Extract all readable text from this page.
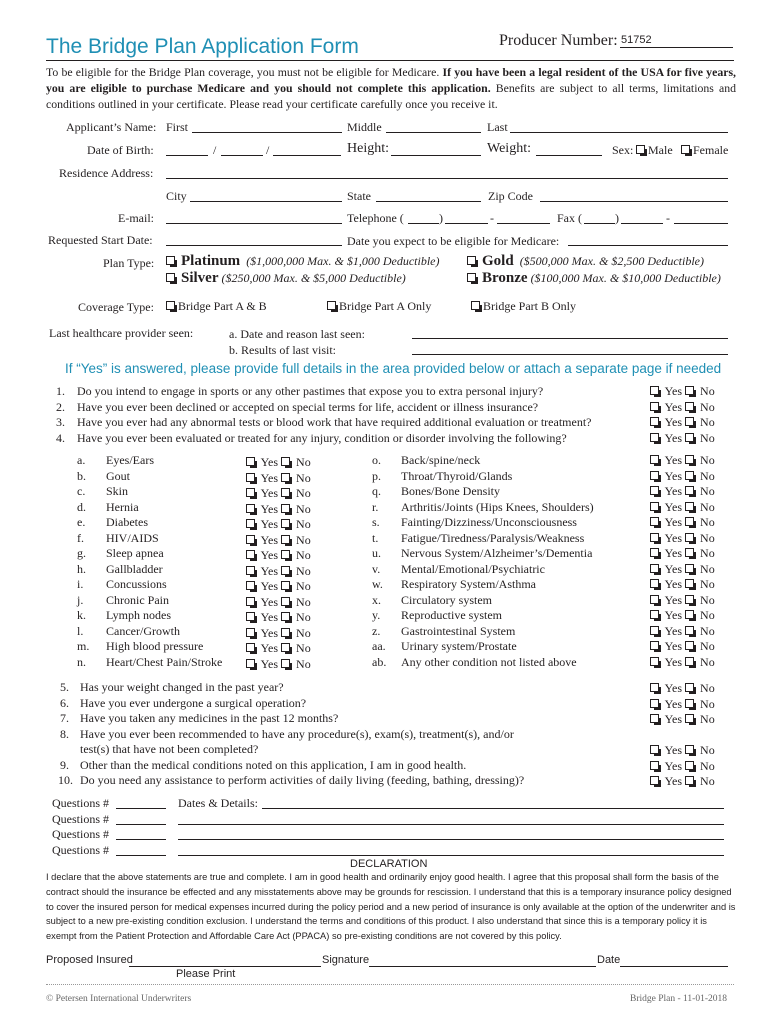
The Bridge Plan Application Form	Producer Number: 51752
To be eligible for the Bridge Plan coverage, you must not be eligible for Medicare. If you have been a legal resident of the USA for five years, you are eligible to purchase Medicare and you should not complete this application. Benefits are subject to all terms, limitations and conditions outlined in your certificate. Please read your certificate carefully once you receive it.
Applicant’s Name: First	Middle	Last
Date of Birth:	/	/	Height:	Weight:	Sex:	Male	Female
Residence Address:
City	State	Zip Code
E-mail:	Telephone (	)	-	Fax (	)	-
Requested Start Date:	Date you expect to be eligible for Medicare:
Plan Type:	Platinum ($1,000,000 Max. & $1,000 Deductible)	Gold ($500,000 Max. & $2,500 Deductible)
Silver ($250,000 Max. & $5,000 Deductible)	Bronze ($100,000 Max. & $10,000 Deductible)
Coverage Type:	Bridge Part A & B	Bridge Part A Only	Bridge Part B Only
Last healthcare provider seen:	a. Date and reason last seen:
b. Results of last visit:
If “Yes” is answered, please provide full details in the area provided below or attach a separate page if needed
1. Do you intend to engage in sports or any other pastimes that expose you to extra personal injury?	Yes No
2. Have you ever been declined or accepted on special terms for life, accident or illness insurance?	Yes No
3. Have you ever had any abnormal tests or blood work that have required additional evaluation or treatment?	Yes No
4. Have you ever been evaluated or treated for any injury, condition or disorder involving the following?	Yes No
a. Eyes/Ears	Yes No
b. Gout	Yes No
c. Skin	Yes No
d. Hernia	Yes No
e. Diabetes	Yes No
f. HIV/AIDS	Yes No
g. Sleep apnea	Yes No
h. Gallbladder	Yes No
i. Concussions	Yes No
j. Chronic Pain	Yes No
k. Lymph nodes	Yes No
l. Cancer/Growth	Yes No
m. High blood pressure	Yes No
n. Heart/Chest Pain/Stroke	Yes No
o. Back/spine/neck	Yes No
p. Throat/Thyroid/Glands	Yes No
q. Bones/Bone Density	Yes No
r. Arthritis/Joints (Hips Knees, Shoulders)	Yes No
s. Fainting/Dizziness/Unconsciousness	Yes No
t. Fatigue/Tiredness/Paralysis/Weakness	Yes No
u. Nervous System/Alzheimer’s/Dementia	Yes No
v. Mental/Emotional/Psychiatric	Yes No
w. Respiratory System/Asthma	Yes No
x. Circulatory system	Yes No
y. Reproductive system	Yes No
z. Gastrointestinal System	Yes No
aa. Urinary system/Prostate	Yes No
ab. Any other condition not listed above	Yes No
5. Has your weight changed in the past year?	Yes No
6. Have you ever undergone a surgical operation?	Yes No
7. Have you taken any medicines in the past 12 months?	Yes No
8. Have you ever been recommended to have any procedure(s), exam(s), treatment(s), and/or
test(s) that have not been completed?	Yes No
9. Other than the medical conditions noted on this application, I am in good health.	Yes No
10. Do you need any assistance to perform activities of daily living (feeding, bathing, dressing)?	Yes No
Questions #
Questions #
Questions #
Questions #
Dates & Details:
DECLARATION
I declare that the above statements are true and complete. I am in good health and ordinarily enjoy good health. I agree that this proposal shall form the basis of the contract should the insurance be effected and any misstatements above may be grounds for rescission. I understand that this is a temporary insurance policy designed to cover the insured person for medical expenses incurred during the policy period and a new period of insurance is only available at the option of the underwriter and is subject to a new pre-existing condition exclusion. I understand the terms and conditions of this product. I also understand that since this is a temporary policy it is exempt from the Patient Protection and Affordable Care Act (PPACA) so pre-existing conditions are not covered by this policy.
Proposed Insured	Signature	Date
Please Print
© Petersen International Underwriters	Bridge Plan - 11-01-2018
